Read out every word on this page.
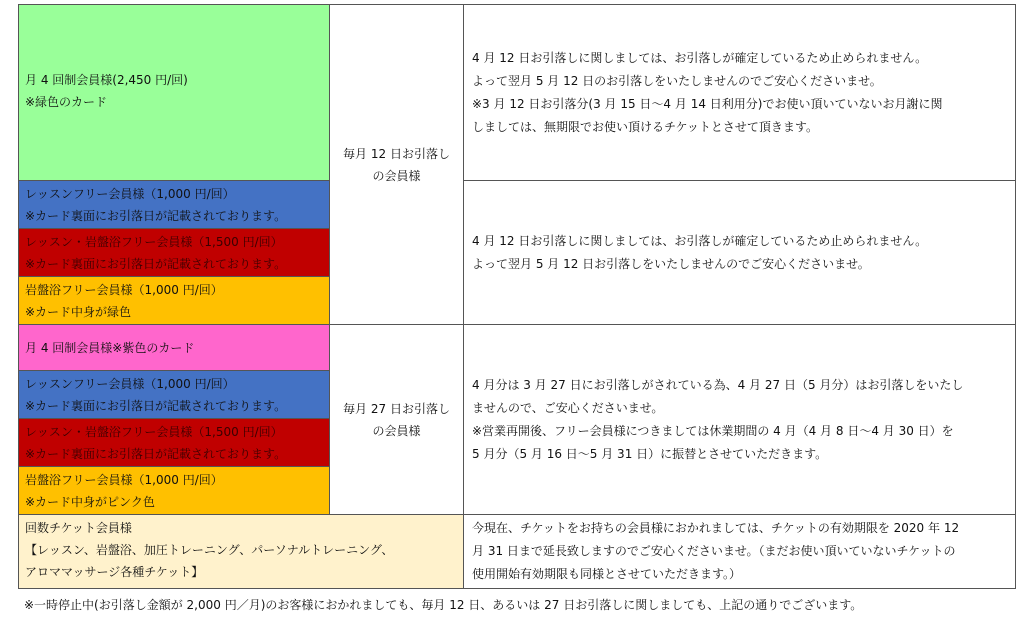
月 4 回制会員様(2,450 円/回)
※緑色のカード
レッスンフリー会員様（1,000 円/回）
※カード裏面にお引落日が記載されております。
レッスン・岩盤浴フリー会員様（1,500 円/回）
※カード裏面にお引落日が記載されております。
岩盤浴フリー会員様（1,000 円/回）
※カード中身が緑色
毎月 12 日お引落し
の会員様
4 月 12 日お引落しに関しましては、お引落しが確定しているため止められません。
よって翌月 5 月 12 日のお引落しをいたしませんのでご安心くださいませ。
※3 月 12 日お引落分(3 月 15 日～4 月 14 日利用分)でお使い頂いていないお月謝に関
しましては、無期限でお使い頂けるチケットとさせて頂きます。
4 月 12 日お引落しに関しましては、お引落しが確定しているため止められません。
よって翌月 5 月 12 日お引落しをいたしませんのでご安心くださいませ。
月 4 回制会員様※紫色のカード
レッスンフリー会員様（1,000 円/回）
※カード裏面にお引落日が記載されております。
レッスン・岩盤浴フリー会員様（1,500 円/回）
※カード裏面にお引落日が記載されております。
岩盤浴フリー会員様（1,000 円/回）
※カード中身がピンク色
毎月 27 日お引落し
の会員様
4 月分は 3 月 27 日にお引落しがされている為、4 月 27 日（5 月分）はお引落しをいたし
ませんので、ご安心くださいませ。
※営業再開後、フリー会員様につきましては休業期間の 4 月（4 月 8 日～4 月 30 日）を
5 月分（5 月 16 日～5 月 31 日）に振替とさせていただきます。
回数チケット会員様
【レッスン、岩盤浴、加圧トレーニング、パーソナルトレーニング、
アロママッサージ各種チケット】
今現在、チケットをお持ちの会員様におかれましては、チケットの有効期限を 2020 年 12
月 31 日まで延長致しますのでご安心くださいませ。（まだお使い頂いていないチケットの
使用開始有効期限も同様とさせていただきます。）
※一時停止中(お引落し金額が 2,000 円／月)のお客様におかれましても、毎月 12 日、あるいは 27 日お引落しに関しましても、上記の通りでございます。
